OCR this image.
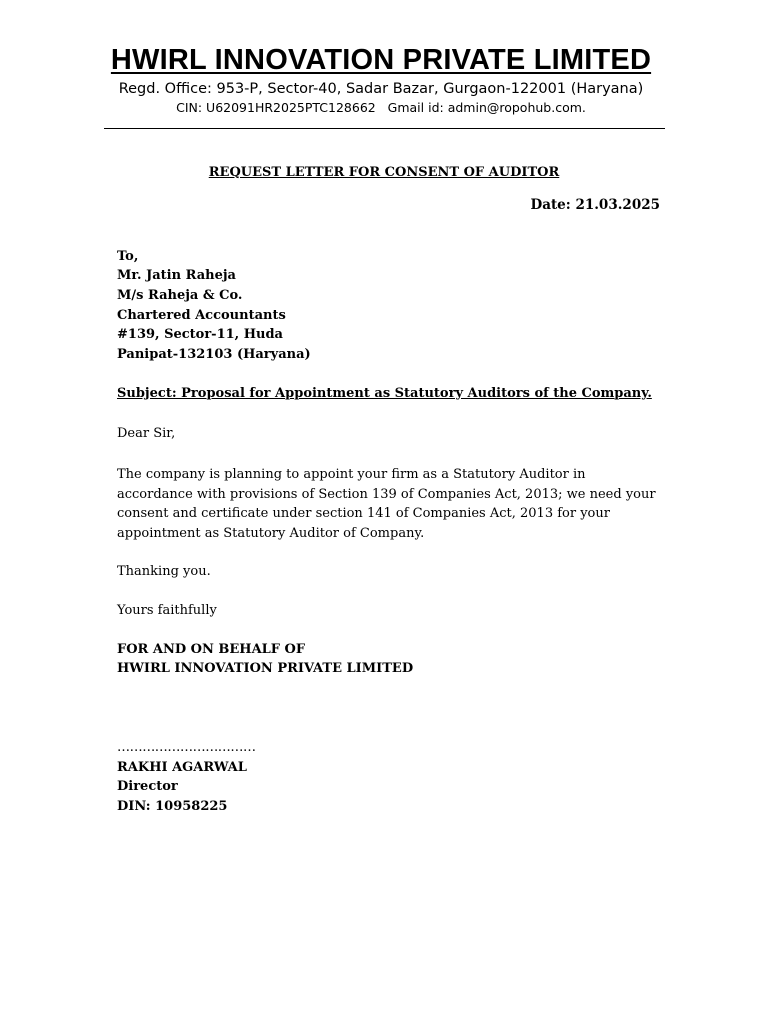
HWIRL INNOVATION PRIVATE LIMITED
Regd. Office: 953-P, Sector-40, Sadar Bazar, Gurgaon-122001 (Haryana)
CIN: U62091HR2025PTC128662   Gmail id: admin@ropohub.com.
REQUEST LETTER FOR CONSENT OF AUDITOR
Date: 21.03.2025
To,
Mr. Jatin Raheja
M/s Raheja & Co.
Chartered Accountants
#139, Sector-11, Huda
Panipat-132103 (Haryana)
Subject: Proposal for Appointment as Statutory Auditors of the Company.
Dear Sir,

The company is planning to appoint your firm as a Statutory Auditor in accordance with provisions of Section 139 of Companies Act, 2013; we need your consent and certificate under section 141 of Companies Act, 2013 for your appointment as Statutory Auditor of Company.

Thanking you.
Yours faithfully
FOR AND ON BEHALF OF
HWIRL INNOVATION PRIVATE LIMITED
……………………………
RAKHI AGARWAL
Director
DIN: 10958225
